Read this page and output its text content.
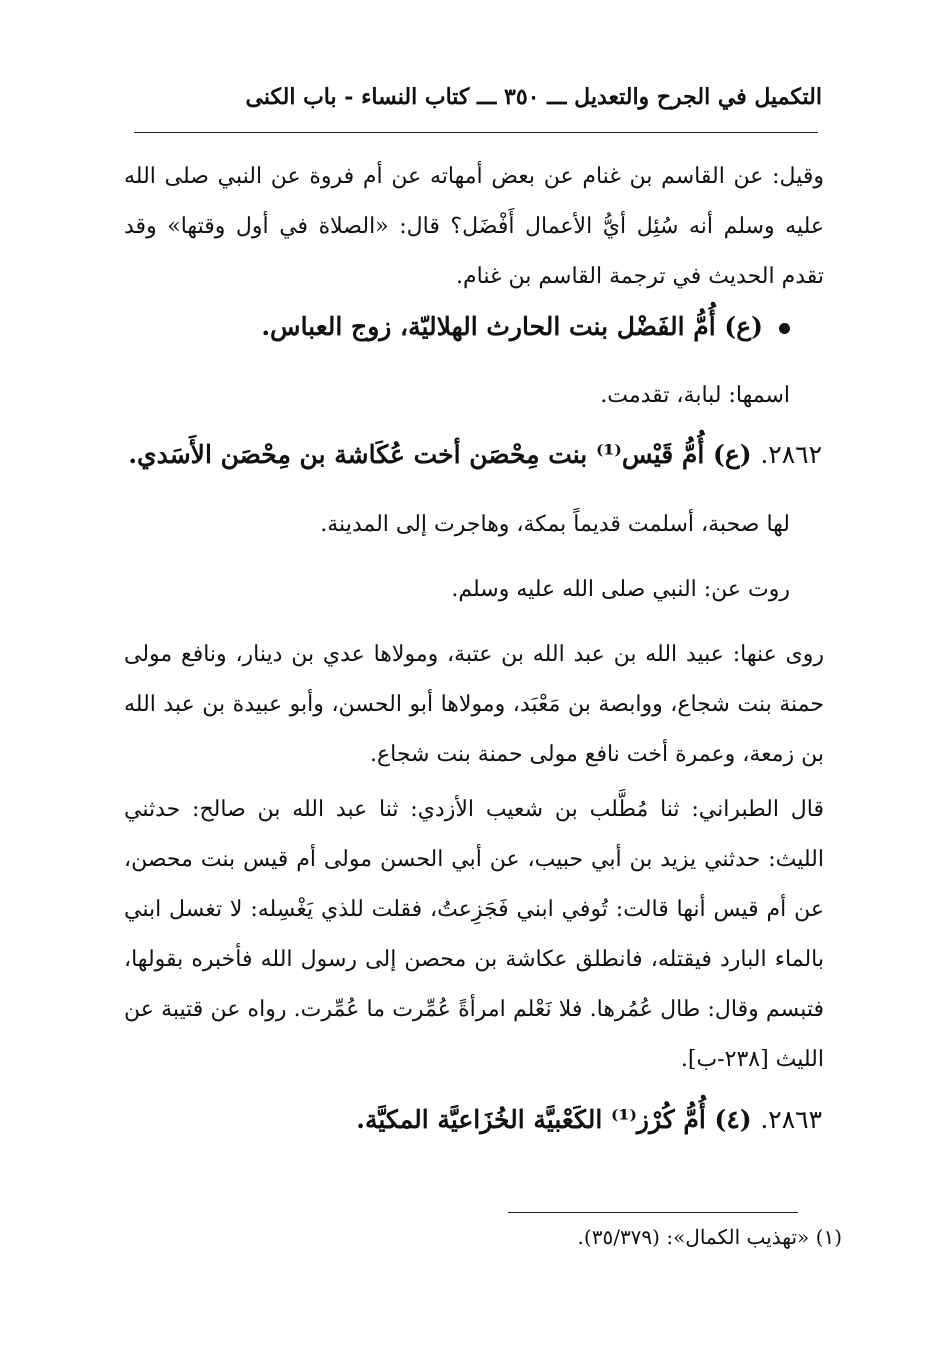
التكميل في الجرح والتعديل ـــ ٣٥٠ ـــ كتاب النساء - باب الكنى
وقيل: عن القاسم بن غنام عن بعض أمهاته عن أم فروة عن النبي صلى الله عليه وسلم أنه سُئِل أيُّ الأعمال أَفْضَل؟ قال: «الصلاة في أول وقتها» وقد تقدم الحديث في ترجمة القاسم بن غنام.
(ع) أُمُّ الفَضْل بنت الحارث الهلاليّة، زوج العباس.
اسمها: لبابة، تقدمت.
٢٨٦٢. (ع) أُمُّ قَيْس⁽¹⁾ بنت مِحْصَن أخت عُكَاشة بن مِحْصَن الأَسَدي.
لها صحبة، أسلمت قديماً بمكة، وهاجرت إلى المدينة.
روت عن: النبي صلى الله عليه وسلم.
روى عنها: عبيد الله بن عبد الله بن عتبة، ومولاها عدي بن دينار، ونافع مولى حمنة بنت شجاع، ووابصة بن مَعْبَد، ومولاها أبو الحسن، وأبو عبيدة بن عبد الله بن زمعة، وعمرة أخت نافع مولى حمنة بنت شجاع.
قال الطبراني: ثنا مُطَّلب بن شعيب الأزدي: ثنا عبد الله بن صالح: حدثني الليث: حدثني يزيد بن أبي حبيب، عن أبي الحسن مولى أم قيس بنت محصن، عن أم قيس أنها قالت: تُوفي ابني فَجَزِعتُ، فقلت للذي يَغْسِله: لا تغسل ابني بالماء البارد فيقتله، فانطلق عكاشة بن محصن إلى رسول الله فأخبره بقولها، فتبسم وقال: طال عُمُرها. فلا نَعْلم امرأةً عُمِّرت ما عُمِّرت. رواه عن قتيبة عن الليث [٢٣٨-ب].
٢٨٦٣. (٤) أُمُّ كُرْز⁽¹⁾ الكَعْبيَّة الخُزَاعيَّة المكيَّة.
(١) «تهذيب الكمال»: (٣٥/٣٧٩).
